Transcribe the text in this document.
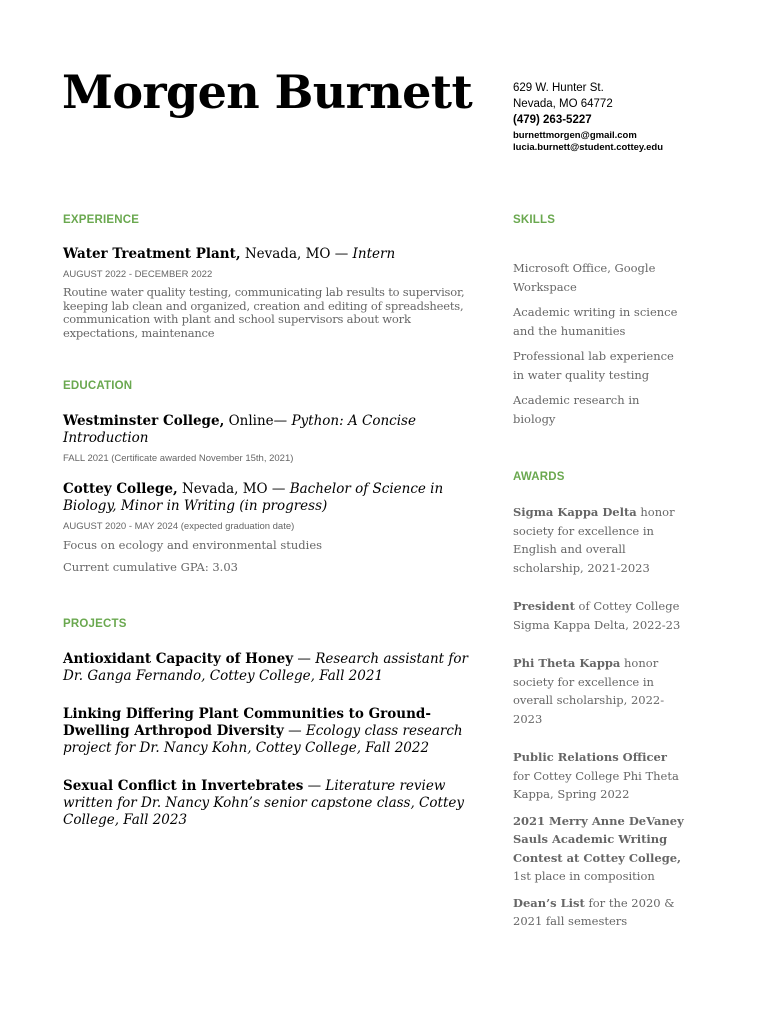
Morgen Burnett	629 W. Hunter St.
Nevada, MO 64772
(479) 263-5227
burnettmorgen@gmail.com
lucia.burnett@student.cottey.edu
EXPERIENCE
Water Treatment Plant, Nevada, MO — Intern
AUGUST 2022 - DECEMBER 2022
Routine water quality testing, communicating lab results to supervisor, keeping lab clean and organized, creation and editing of spreadsheets, communication with plant and school supervisors about work expectations, maintenance
EDUCATION
Westminster College, Online— Python: A Concise Introduction
FALL 2021 (Certificate awarded November 15th, 2021)
Cottey College, Nevada, MO — Bachelor of Science in Biology, Minor in Writing (in progress)
AUGUST 2020 - MAY 2024 (expected graduation date)
Focus on ecology and environmental studies
Current cumulative GPA: 3.03
PROJECTS
Antioxidant Capacity of Honey — Research assistant for Dr. Ganga Fernando, Cottey College, Fall 2021
Linking Differing Plant Communities to Ground-Dwelling Arthropod Diversity — Ecology class research project for Dr. Nancy Kohn, Cottey College, Fall 2022
Sexual Conflict in Invertebrates — Literature review written for Dr. Nancy Kohn’s senior capstone class, Cottey College, Fall 2023
SKILLS
Microsoft Office, Google Workspace
Academic writing in science and the humanities
Professional lab experience in water quality testing
Academic research in biology
AWARDS
Sigma Kappa Delta honor society for excellence in English and overall scholarship, 2021-2023
President of Cottey College Sigma Kappa Delta, 2022-23
Phi Theta Kappa honor society for excellence in overall scholarship, 2022-2023
Public Relations Officer for Cottey College Phi Theta Kappa, Spring 2022
2021 Merry Anne DeVaney Sauls Academic Writing Contest at Cottey College, 1st place in composition
Dean’s List for the 2020 & 2021 fall semesters
